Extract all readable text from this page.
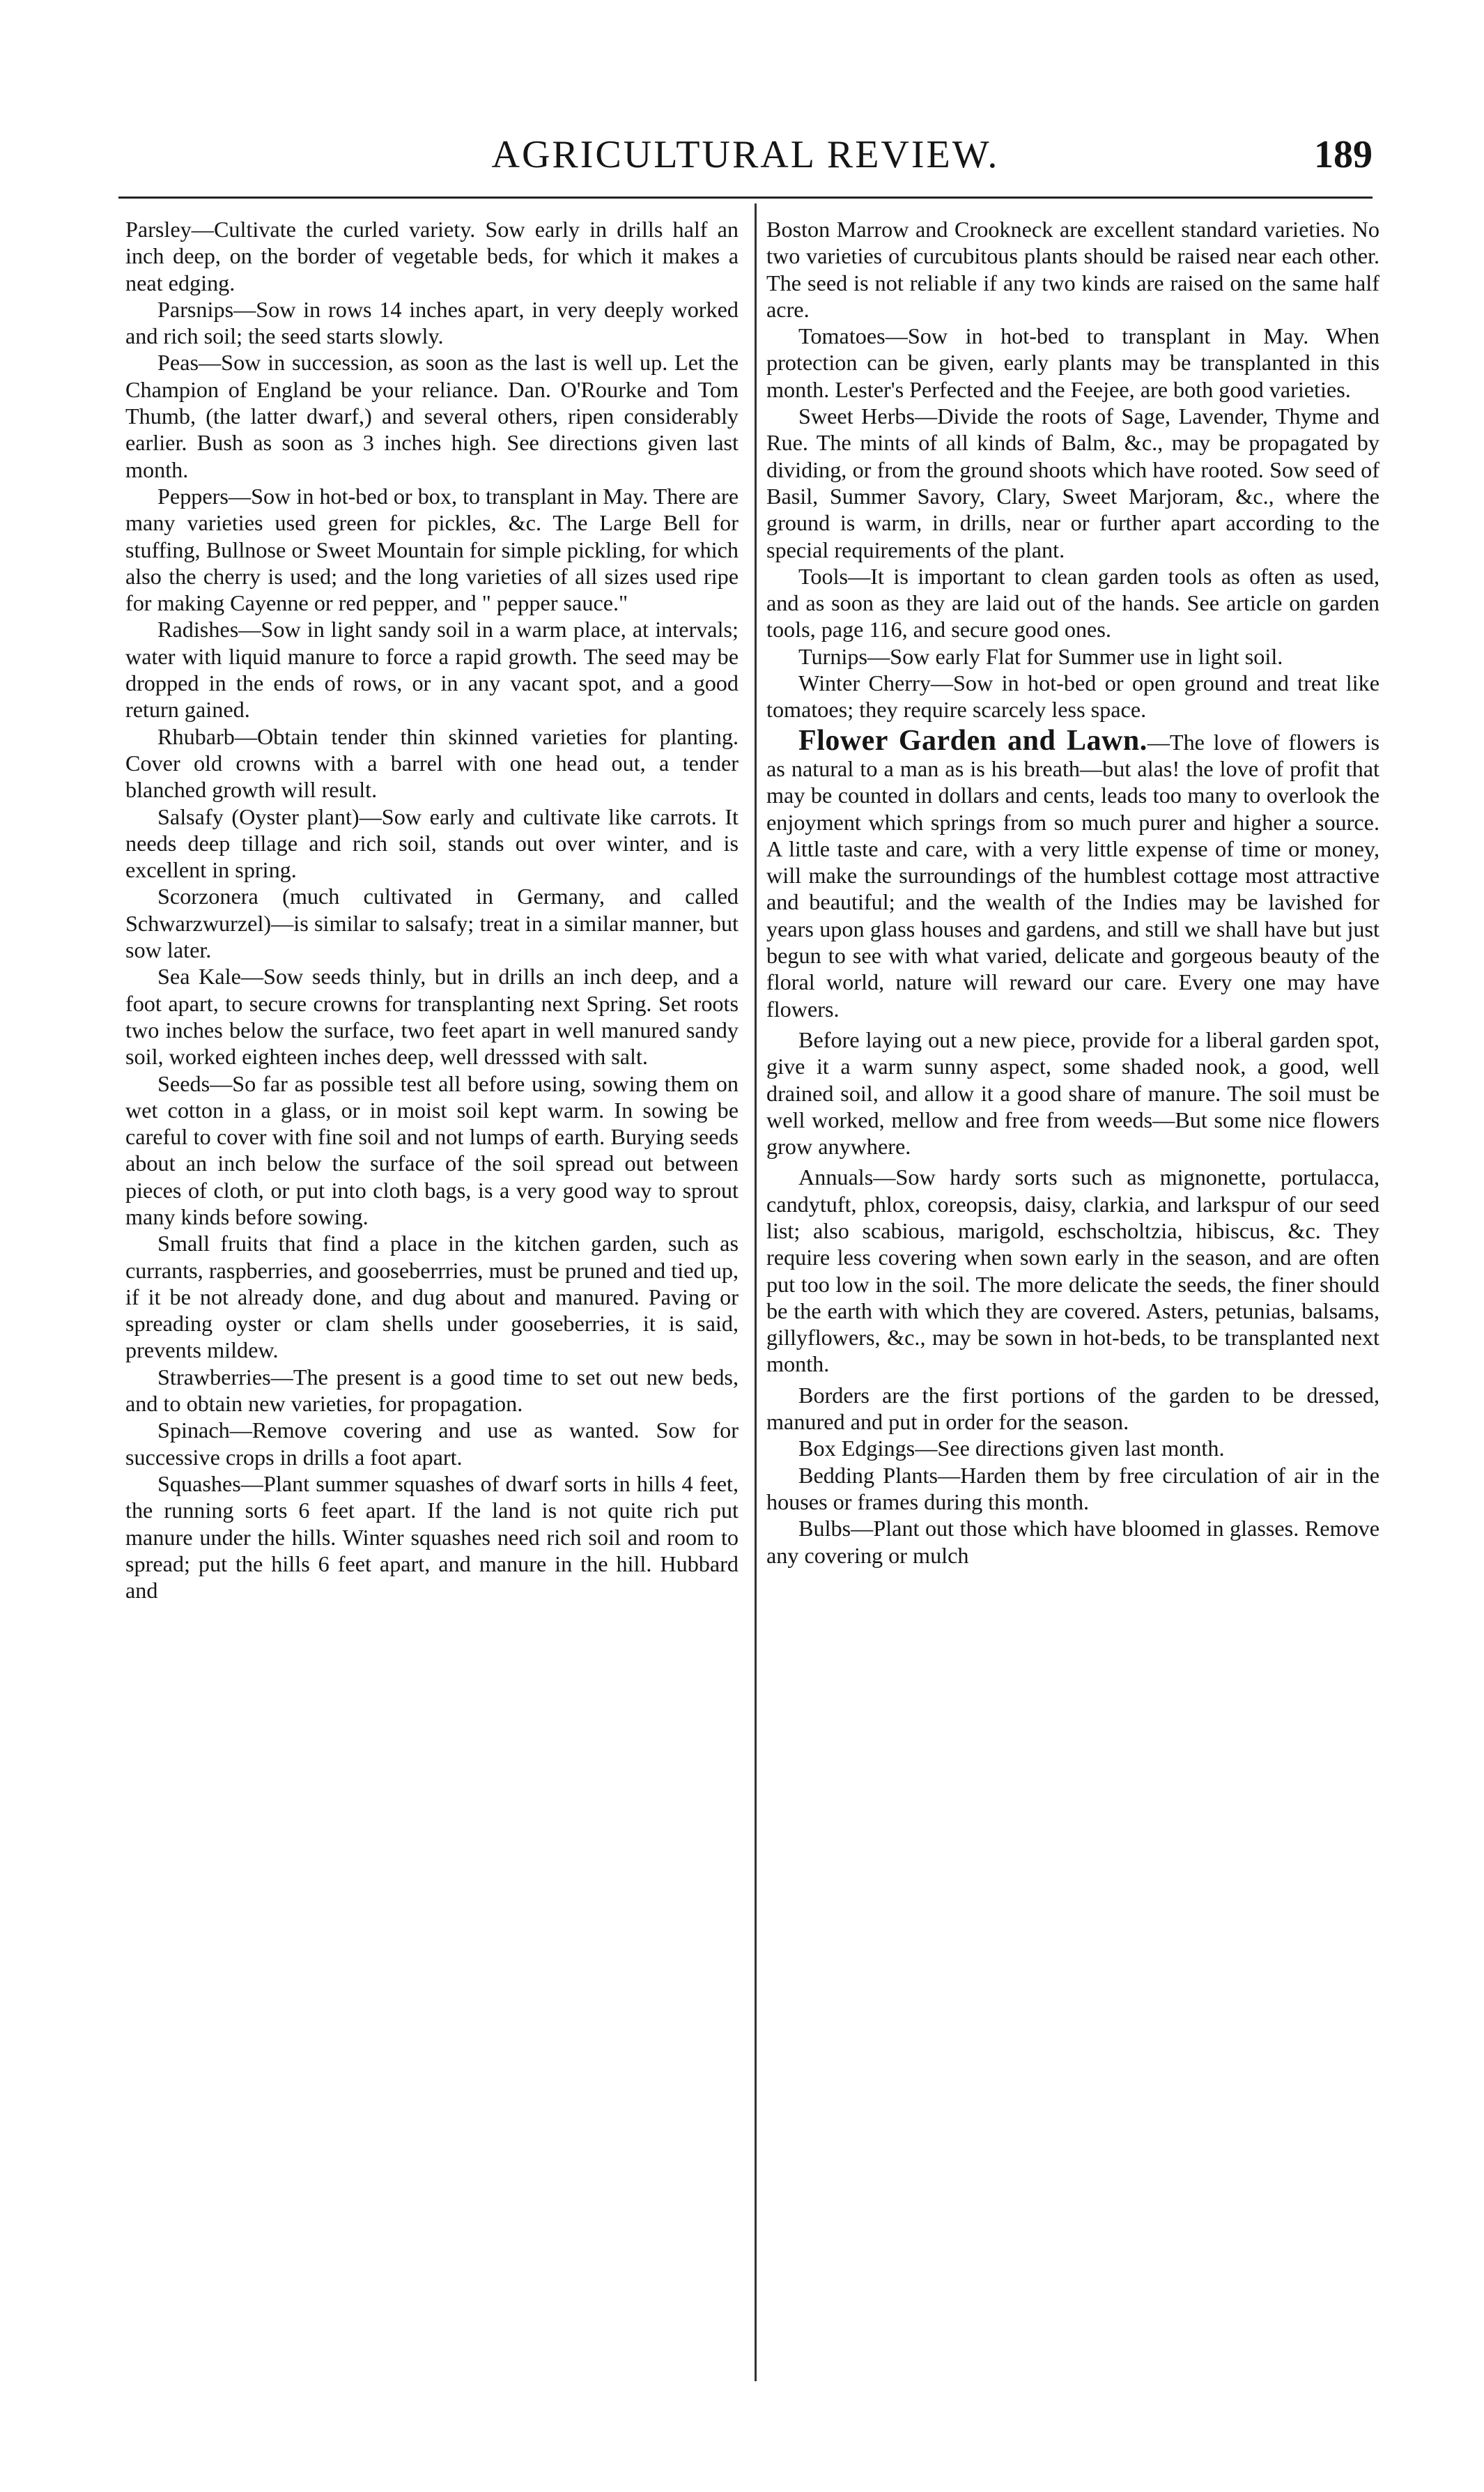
AGRICULTURAL REVIEW.	189

Parsley—Cultivate the curled variety. Sow early in drills half an inch deep, on the border of vegetable beds, for which it makes a neat edging.

Parsnips—Sow in rows 14 inches apart, in very deeply worked and rich soil; the seed starts slowly.

Peas—Sow in succession, as soon as the last is well up. Let the Champion of England be your reliance. Dan. O'Rourke and Tom Thumb, (the latter dwarf,) and several others, ripen considerably earlier. Bush as soon as 3 inches high. See directions given last month.

Peppers—Sow in hot-bed or box, to transplant in May. There are many varieties used green for pickles, &c. The Large Bell for stuffing, Bullnose or Sweet Mountain for simple pickling, for which also the cherry is used; and the long varieties of all sizes used ripe for making Cayenne or red pepper, and " pepper sauce."

Radishes—Sow in light sandy soil in a warm place, at intervals; water with liquid manure to force a rapid growth. The seed may be dropped in the ends of rows, or in any vacant spot, and a good return gained.

Rhubarb—Obtain tender thin skinned varieties for planting. Cover old crowns with a barrel with one head out, a tender blanched growth will result.

Salsafy (Oyster plant)—Sow early and cultivate like carrots. It needs deep tillage and rich soil, stands out over winter, and is excellent in spring.

Scorzonera (much cultivated in Germany, and called Schwarzwurzel)—is similar to salsafy; treat in a similar manner, but sow later.

Sea Kale—Sow seeds thinly, but in drills an inch deep, and a foot apart, to secure crowns for transplanting next Spring. Set roots two inches below the surface, two feet apart in well manured sandy soil, worked eighteen inches deep, well dresssed with salt.

Seeds—So far as possible test all before using, sowing them on wet cotton in a glass, or in moist soil kept warm. In sowing be careful to cover with fine soil and not lumps of earth. Burying seeds about an inch below the surface of the soil spread out between pieces of cloth, or put into cloth bags, is a very good way to sprout many kinds before sowing.

Small fruits that find a place in the kitchen garden, such as currants, raspberries, and gooseberrries, must be pruned and tied up, if it be not already done, and dug about and manured. Paving or spreading oyster or clam shells under gooseberries, it is said, prevents mildew.

Strawberries—The present is a good time to set out new beds, and to obtain new varieties, for propagation.

Spinach—Remove covering and use as wanted. Sow for successive crops in drills a foot apart.

Squashes—Plant summer squashes of dwarf sorts in hills 4 feet, the running sorts 6 feet apart. If the land is not quite rich put manure under the hills. Winter squashes need rich soil and room to spread; put the hills 6 feet apart, and manure in the hill. Hubbard and

Boston Marrow and Crookneck are excellent standard varieties. No two varieties of curcubitous plants should be raised near each other. The seed is not reliable if any two kinds are raised on the same half acre.

Tomatoes—Sow in hot-bed to transplant in May. When protection can be given, early plants may be transplanted in this month. Lester's Perfected and the Feejee, are both good varieties.

Sweet Herbs—Divide the roots of Sage, Lavender, Thyme and Rue. The mints of all kinds of Balm, &c., may be propagated by dividing, or from the ground shoots which have rooted. Sow seed of Basil, Summer Savory, Clary, Sweet Marjoram, &c., where the ground is warm, in drills, near or further apart according to the special requirements of the plant.

Tools—It is important to clean garden tools as often as used, and as soon as they are laid out of the hands. See article on garden tools, page 116, and secure good ones.

Turnips—Sow early Flat for Summer use in light soil.

Winter Cherry—Sow in hot-bed or open ground and treat like tomatoes; they require scarcely less space.

Flower Garden and Lawn.—The love of flowers is as natural to a man as is his breath—but alas! the love of profit that may be counted in dollars and cents, leads too many to overlook the enjoyment which springs from so much purer and higher a source. A little taste and care, with a very little expense of time or money, will make the surroundings of the humblest cottage most attractive and beautiful; and the wealth of the Indies may be lavished for years upon glass houses and gardens, and still we shall have but just begun to see with what varied, delicate and gorgeous beauty of the floral world, nature will reward our care. Every one may have flowers.

Before laying out a new piece, provide for a liberal garden spot, give it a warm sunny aspect, some shaded nook, a good, well drained soil, and allow it a good share of manure. The soil must be well worked, mellow and free from weeds—But some nice flowers grow anywhere.

Annuals—Sow hardy sorts such as mignonette, portulacca, candytuft, phlox, coreopsis, daisy, clarkia, and larkspur of our seed list; also scabious, marigold, eschscholtzia, hibiscus, &c. They require less covering when sown early in the season, and are often put too low in the soil. The more delicate the seeds, the finer should be the earth with which they are covered. Asters, petunias, balsams, gillyflowers, &c., may be sown in hot-beds, to be transplanted next month.

Borders are the first portions of the garden to be dressed, manured and put in order for the season.

Box Edgings—See directions given last month.

Bedding Plants—Harden them by free circulation of air in the houses or frames during this month.

Bulbs—Plant out those which have bloomed in glasses. Remove any covering or mulch
